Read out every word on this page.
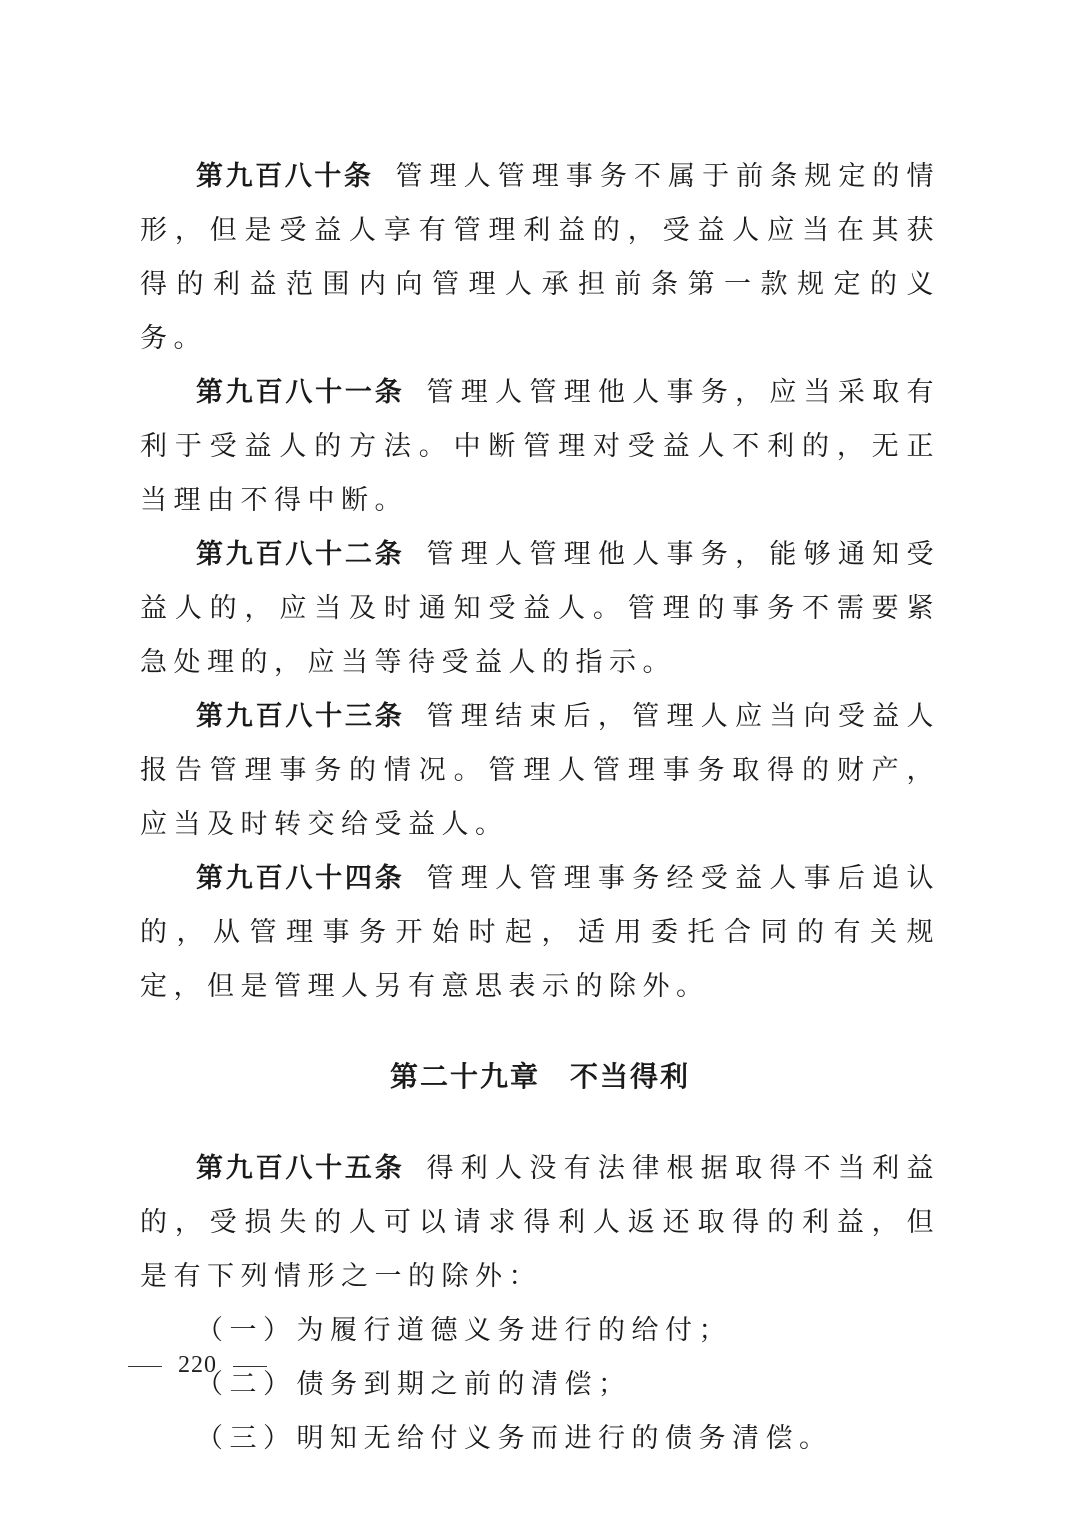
第九百八十条 管理人管理事务不属于前条规定的情形，但是受益人享有管理利益的，受益人应当在其获得的利益范围内向管理人承担前条第一款规定的义务。

第九百八十一条 管理人管理他人事务，应当采取有利于受益人的方法。中断管理对受益人不利的，无正当理由不得中断。

第九百八十二条 管理人管理他人事务，能够通知受益人的，应当及时通知受益人。管理的事务不需要紧急处理的，应当等待受益人的指示。

第九百八十三条 管理结束后，管理人应当向受益人报告管理事务的情况。管理人管理事务取得的财产，应当及时转交给受益人。

第九百八十四条 管理人管理事务经受益人事后追认的，从管理事务开始时起，适用委托合同的有关规定，但是管理人另有意思表示的除外。

第二十九章 不当得利

第九百八十五条 得利人没有法律根据取得不当利益的，受损失的人可以请求得利人返还取得的利益，但是有下列情形之一的除外：

（一）为履行道德义务进行的给付；

（二）债务到期之前的清偿；

（三）明知无给付义务而进行的债务清偿。

220
